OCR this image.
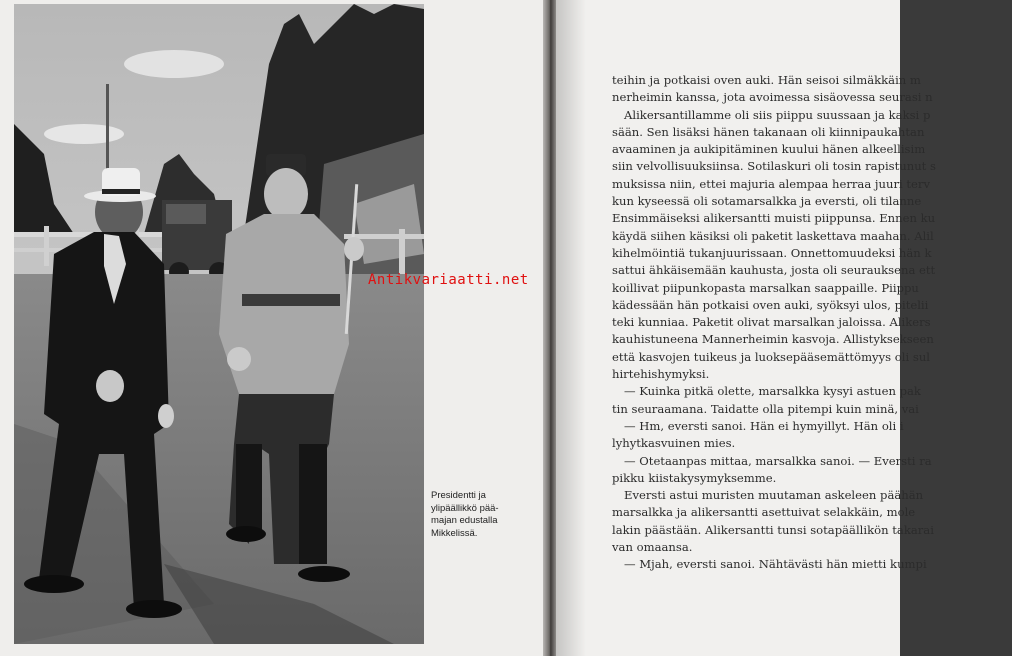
Presidentti ja
ylipäällikkö pää-
majan edustalla
Mikkelissä.
teihin ja potkaisi oven auki. Hän seisoi silmäkkäin m
nerheimin kanssa, jota avoimessa sisäovessa seurasi n
Alikersantillamme oli siis piippu suussaan ja kaksi p
sään. Sen lisäksi hänen takanaan oli kiinnipaukahtan
avaaminen ja aukipitäminen kuului hänen alkeellisim
siin velvollisuuksiinsa. Sotilaskuri oli tosin rapistunut s
muksissa niin, ettei majuria alempaa herraa juuri terv
kun kyseessä oli sotamarsalkka ja eversti, oli tilanne
Ensimmäiseksi alikersantti muisti piippunsa. Ennen ku
käydä siihen käsiksi oli paketit laskettava maahan. Alil
kihelmöintiä tukanjuurissaan. Onnettomuudeksi hän k
sattui ähkäisemään kauhusta, josta oli seurauksena ett
koillivat piipunkopasta marsalkan saappaille. Piippu
kädessään hän potkaisi oven auki, syöksyi ulos, pitelii
teki kunniaa. Paketit olivat marsalkan jaloissa. Alikers
kauhistuneena Mannerheimin kasvoja. Allistyksekseen
että kasvojen tuikeus ja luoksepääsemättömyys oli sul
hirtehishymyksi.
— Kuinka pitkä olette, marsalkka kysyi astuen pak
tin seuraamana. Taidatte olla pitempi kuin minä, vai
— Hm, eversti sanoi. Hän ei hymyillyt. Hän oli i
lyhytkasvuinen mies.
— Otetaanpas mittaa, marsalkka sanoi. — Eversti ra
pikku kiistakysymyksemme.
Eversti astui muristen muutaman askeleen päähän
marsalkka ja alikersantti asettuivat selakkäin, mole
lakin päästään. Alikersantti tunsi sotapäällikön takarai
van omaansa.
— Mjah, eversti sanoi. Nähtävästi hän mietti kumpi
Antikvariaatti.net
